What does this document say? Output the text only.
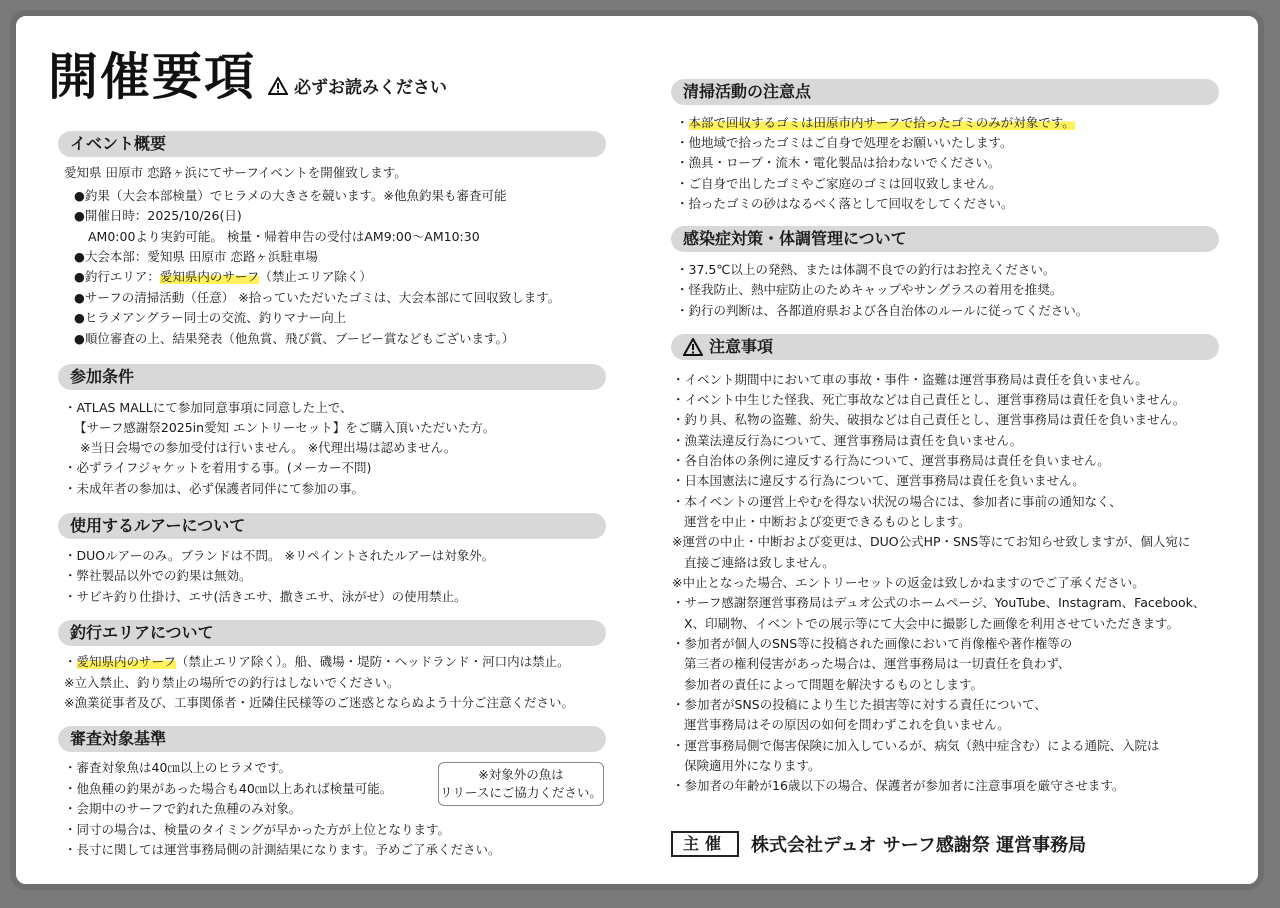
開催要項 必ずお読みください
イベント概要
愛知県 田原市 恋路ヶ浜にてサーフイベントを開催致します。
●釣果（大会本部検量）でヒラメの大きさを競います。※他魚釣果も審査可能
●開催日時：2025/10/26(日)
AM0:00より実釣可能。 検量・帰着申告の受付はAM9:00～AM10:30
●大会本部：愛知県 田原市 恋路ヶ浜駐車場
●釣行エリア：愛知県内のサーフ（禁止エリア除く）
●サーフの清掃活動（任意） ※拾っていただいたゴミは、大会本部にて回収致します。
●ヒラメアングラー同士の交流、釣りマナー向上
●順位審査の上、結果発表（他魚賞、飛び賞、ブービー賞などもございます。）
参加条件
・ATLAS MALLにて参加同意事項に同意した上で、
【サーフ感謝祭2025in愛知 エントリーセット】をご購入頂いただいた方。
※当日会場での参加受付は行いません。 ※代理出場は認めません。
・必ずライフジャケットを着用する事。(メーカー不問)
・未成年者の参加は、必ず保護者同伴にて参加の事。
使用するルアーについて
・DUOルアーのみ。ブランドは不問。 ※リペイントされたルアーは対象外。
・弊社製品以外での釣果は無効。
・サビキ釣り仕掛け、エサ(活きエサ、撒きエサ、泳がせ）の使用禁止。
釣行エリアについて
・愛知県内のサーフ（禁止エリア除く）。船、磯場・堤防・ヘッドランド・河口内は禁止。
※立入禁止、釣り禁止の場所での釣行はしないでください。
※漁業従事者及び、工事関係者・近隣住民様等のご迷惑とならぬよう十分ご注意ください。
審査対象基準
・審査対象魚は40㎝以上のヒラメです。
・他魚種の釣果があった場合も40㎝以上あれば検量可能。
・会期中のサーフで釣れた魚種のみ対象。
・同寸の場合は、検量のタイミングが早かった方が上位となります。
・長寸に関しては運営事務局側の計測結果になります。予めご了承ください。
※対象外の魚は
リリースにご協力ください。
清掃活動の注意点
・本部で回収するゴミは田原市内サーフで拾ったゴミのみが対象です。
・他地域で拾ったゴミはご自身で処理をお願いいたします。
・漁具・ロープ・流木・電化製品は拾わないでください。
・ご自身で出したゴミやご家庭のゴミは回収致しません。
・拾ったゴミの砂はなるべく落として回収をしてください。
感染症対策・体調管理について
・37.5℃以上の発熱、または体調不良での釣行はお控えください。
・怪我防止、熱中症防止のためキャップやサングラスの着用を推奨。
・釣行の判断は、各都道府県および各自治体のルールに従ってください。
注意事項
・イベント期間中において車の事故・事件・盗難は運営事務局は責任を負いません。
・イベント中生じた怪我、死亡事故などは自己責任とし、運営事務局は責任を負いません。
・釣り具、私物の盗難、紛失、破損などは自己責任とし、運営事務局は責任を負いません。
・漁業法違反行為について、運営事務局は責任を負いません。
・各自治体の条例に違反する行為について、運営事務局は責任を負いません。
・日本国憲法に違反する行為について、運営事務局は責任を負いません。
・本イベントの運営上やむを得ない状況の場合には、参加者に事前の通知なく、
運営を中止・中断および変更できるものとします。
※運営の中止・中断および変更は、DUO公式HP・SNS等にてお知らせ致しますが、個人宛に
直接ご連絡は致しません。
※中止となった場合、エントリーセットの返金は致しかねますのでご了承ください。
・サーフ感謝祭運営事務局はデュオ公式のホームページ、YouTube、Instagram、Facebook、
X、印刷物、イベントでの展示等にて大会中に撮影した画像を利用させていただきます。
・参加者が個人のSNS等に投稿された画像において肖像権や著作権等の
第三者の権利侵害があった場合は、運営事務局は一切責任を負わず、
参加者の責任によって問題を解決するものとします。
・参加者がSNSの投稿により生じた損害等に対する責任について、
運営事務局はその原因の如何を問わずこれを負いません。
・運営事務局側で傷害保険に加入しているが、病気（熱中症含む）による通院、入院は
保険適用外になります。
・参加者の年齢が16歳以下の場合、保護者が参加者に注意事項を厳守させます。
主催	株式会社デュオ サーフ感謝祭 運営事務局
